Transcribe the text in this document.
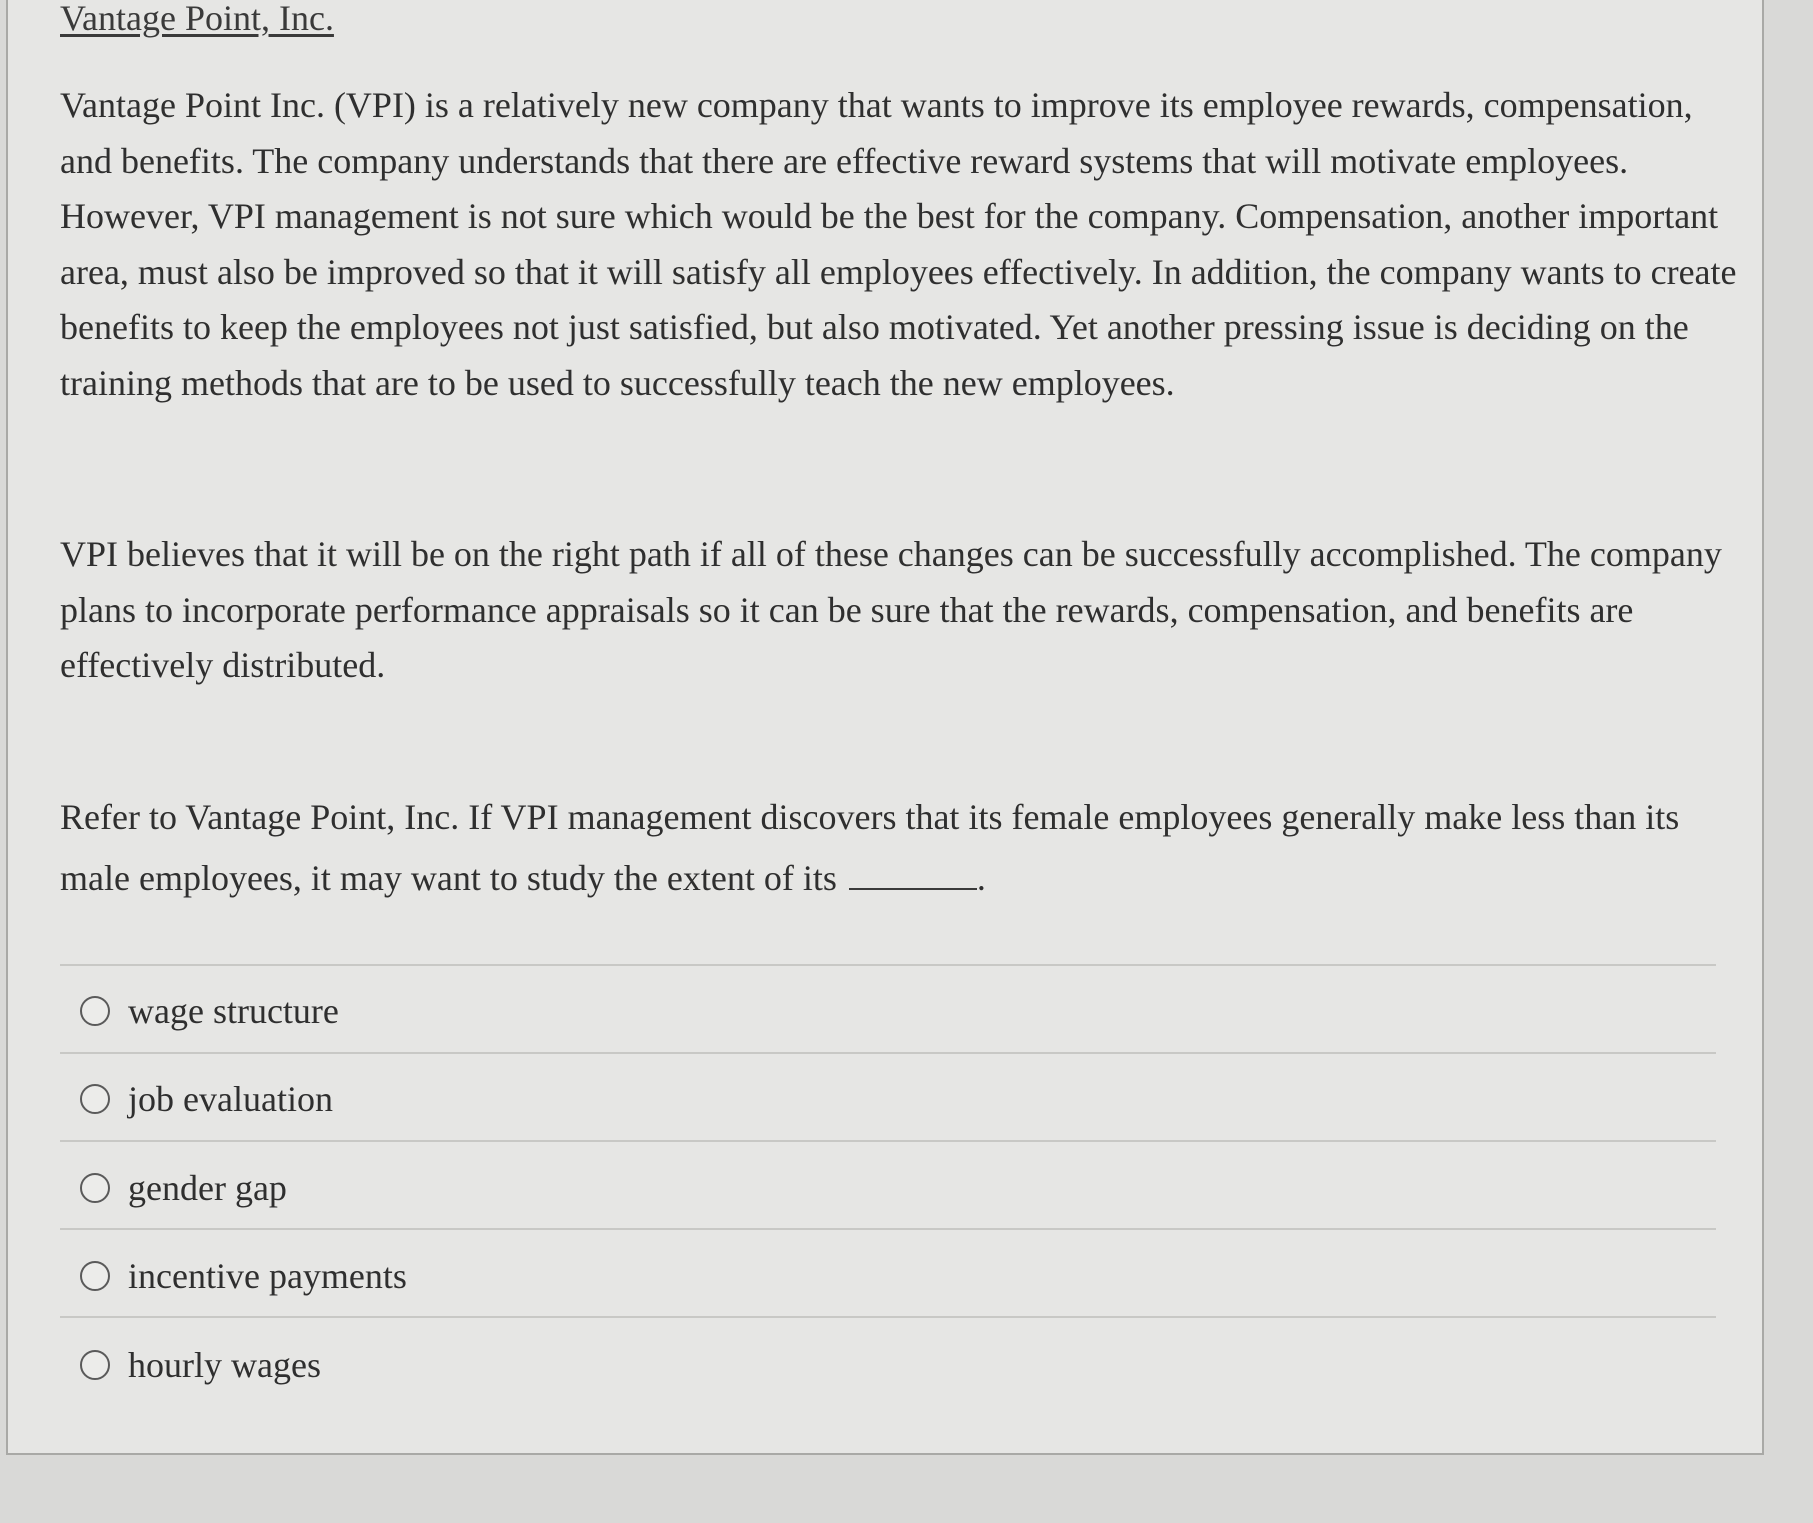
Vantage Point, Inc.

Vantage Point Inc. (VPI) is a relatively new company that wants to improve its employee rewards, compensation, and benefits. The company understands that there are effective reward systems that will motivate employees. However, VPI management is not sure which would be the best for the company. Compensation, another important area, must also be improved so that it will satisfy all employees effectively. In addition, the company wants to create benefits to keep the employees not just satisfied, but also motivated. Yet another pressing issue is deciding on the training methods that are to be used to successfully teach the new employees.

VPI believes that it will be on the right path if all of these changes can be successfully accomplished. The company plans to incorporate performance appraisals so it can be sure that the rewards, compensation, and benefits are effectively distributed.

Refer to Vantage Point, Inc. If VPI management discovers that its female employees generally make less than its male employees, it may want to study the extent of its	.

wage structure
job evaluation
gender gap
incentive payments
hourly wages
